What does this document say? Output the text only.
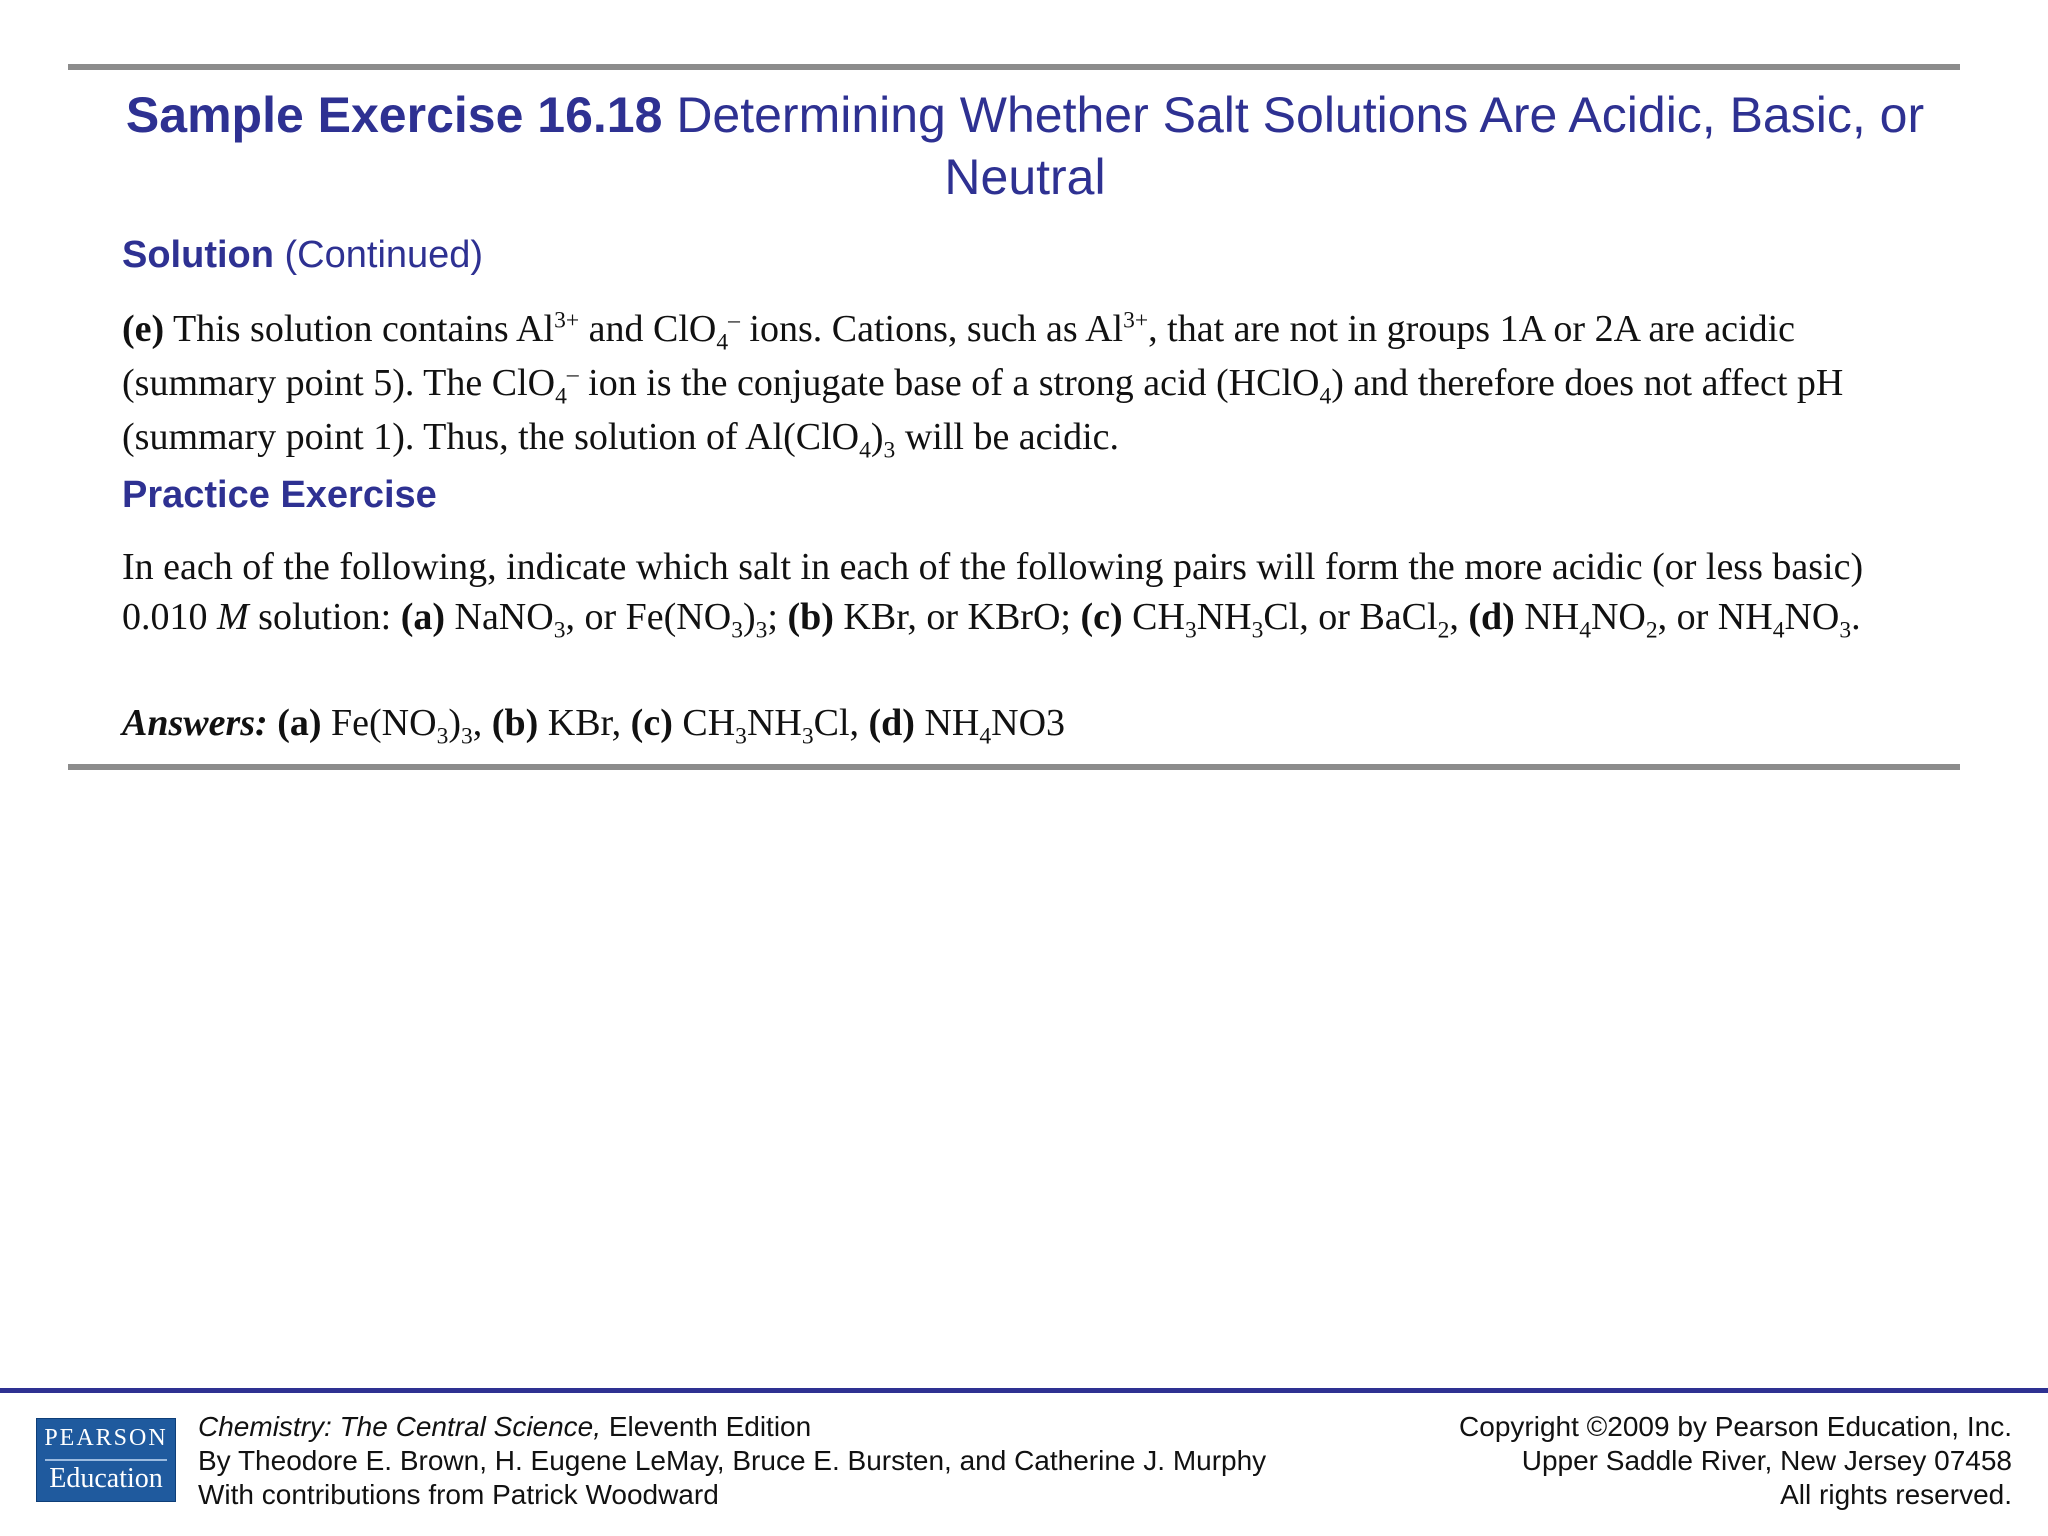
Sample Exercise 16.18 Determining Whether Salt Solutions Are Acidic, Basic, or Neutral
Solution (Continued)
(e) This solution contains $Al^{3+}$ and ClO$_4$– ions. Cations, such as $Al^{3+}$, that are not in groups 1A or 2A are acidic (summary point 5). The ClO$_4$– ion is the conjugate base of a strong acid (HClO$_4$) and therefore does not affect pH (summary point 1). Thus, the solution of $Al(ClO_4)_3$ will be acidic.
Practice Exercise
In each of the following, indicate which salt in each of the following pairs will form the more acidic (or less basic) 0.010 M solution: (a) NaNO$_3$, or $Fe(NO_3)_3$; (b) KBr, or KBrO; (c) $CH_3NH_3Cl$, or BaCl$_2$, (d) $NH_4NO_2$, or $NH_4NO_3$.
Answers: (a) $Fe(NO_3)_3$, (b) KBr, (c) $CH_3NH_3Cl$, (d) $NH_4NO3$
PEARSON
Education
Chemistry: The Central Science, Eleventh Edition
By Theodore E. Brown, H. Eugene LeMay, Bruce E. Bursten, and Catherine J. Murphy
With contributions from Patrick Woodward
Copyright ©2009 by Pearson Education, Inc.
Upper Saddle River, New Jersey 07458
All rights reserved.
